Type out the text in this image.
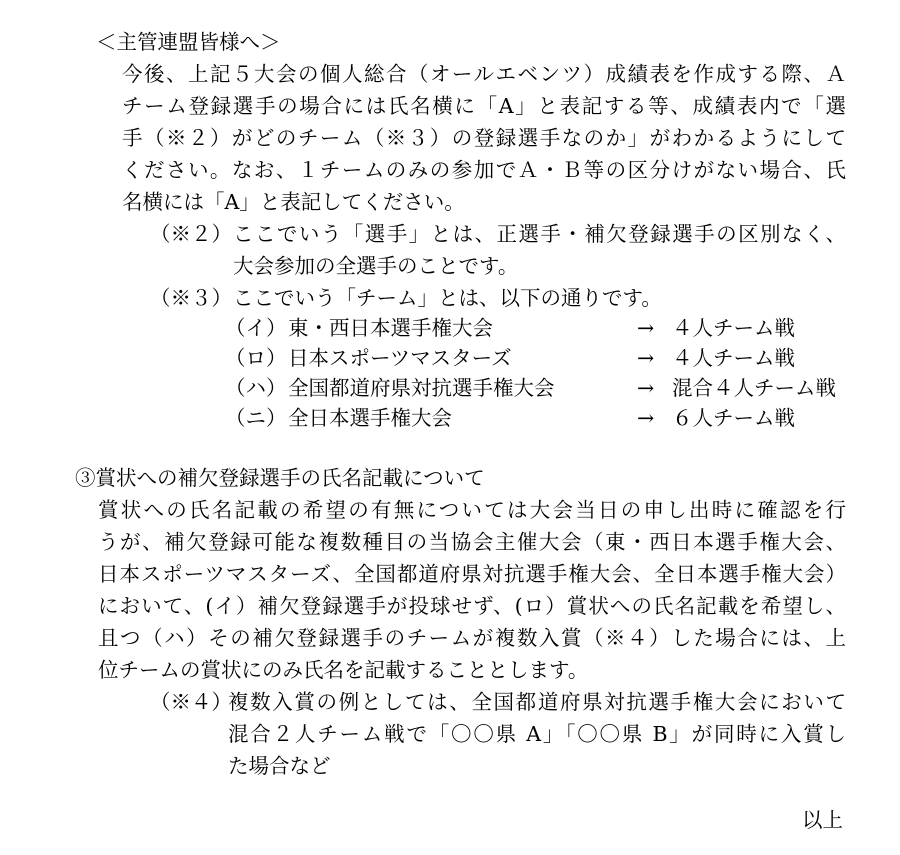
＜主管連盟皆様へ＞
今後、上記５大会の個人総合（オールエベンツ）成績表を作成する際、Ａ
チーム登録選手の場合には氏名横に「A」と表記する等、成績表内で「選
手（※２）がどのチーム（※３）の登録選手なのか」がわかるようにして
ください。なお、１チームのみの参加でＡ・Ｂ等の区分けがない場合、氏
名横には「A」と表記してください。
（※２） ここでいう「選手」とは、正選手・補欠登録選手の区別なく、
大会参加の全選手のことです。
（※３） ここでいう「チーム」とは、以下の通りです。
（イ） 東・西日本選手権大会	→ ４人チーム戦
（ロ） 日本スポーツマスターズ	→ ４人チーム戦
（ハ） 全国都道府県対抗選手権大会	→ 混合４人チーム戦
（ニ） 全日本選手権大会	→ ６人チーム戦
③賞状への補欠登録選手の氏名記載について
賞状への氏名記載の希望の有無については大会当日の申し出時に確認を行
うが、補欠登録可能な複数種目の当協会主催大会（東・西日本選手権大会、
日本スポーツマスターズ、全国都道府県対抗選手権大会、全日本選手権大会）
において、(イ）補欠登録選手が投球せず、(ロ）賞状への氏名記載を希望し、
且つ（ハ）その補欠登録選手のチームが複数入賞（※４）した場合には、上
位チームの賞状にのみ氏名を記載することとします。
（※４）
複数入賞の例としては、全国都道府県対抗選手権大会において
混合２人チーム戦で「〇〇県 A」「〇〇県 B」が同時に入賞し
た場合など
以上
